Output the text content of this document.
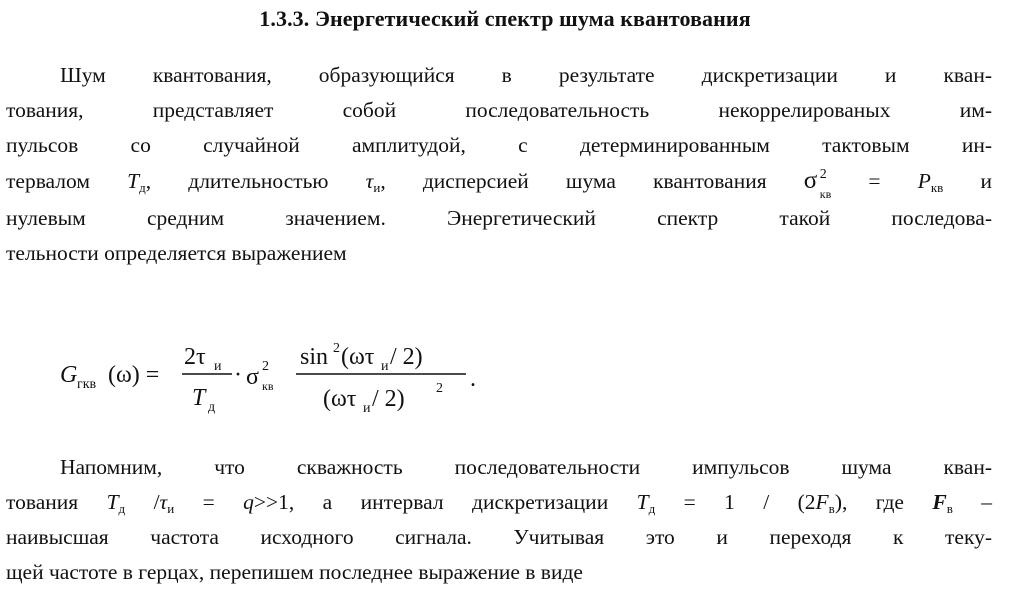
1.3.3. Энергетический спектр шума квантования
Шум квантования, образующийся в результате дискретизации и кван-
тования, представляет собой последовательность некоррелированых им-
пульсов со случайной амплитудой, с детерминированным тактовым ин-
тервалом $T_д$, длительностью $\tau_и$, дисперсией шума квантования σ 2
кв
= $P_{кв}$ и
нулевым средним значением. Энергетический спектр такой последова-
тельности определяется выражением
G гкв (ω) =
2τ и
T д
· σ 2
кв
sin 2 (ωτ и / 2)
(ωτ и / 2) 2 .
Напомним, что скважность последовательности импульсов шума кван-
тования $T_д$ $/\tau_и = q>>1$, а интервал дискретизации $T_д = 1 / (2F_в)$, где $F_в$ –
наивысшая частота исходного сигнала. Учитывая это и переходя к теку-
щей частоте в герцах, перепишем последнее выражение в виде
